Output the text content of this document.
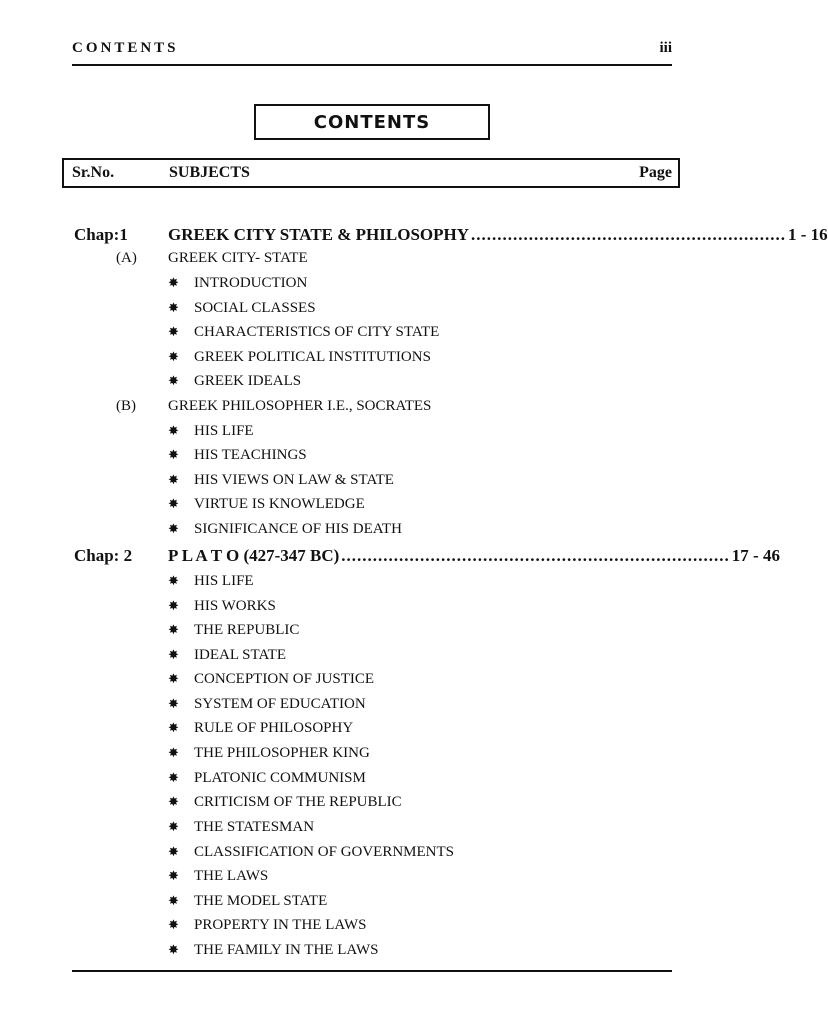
CONTENTS	iii
CONTENTS
Sr.No.	SUBJECTS	Page
Chap:1 GREEK CITY STATE & PHILOSOPHY ............................................................ 1 - 16
(A) GREEK CITY- STATE
✸	INTRODUCTION
✸	SOCIAL CLASSES
✸	CHARACTERISTICS OF CITY STATE
✸	GREEK POLITICAL INSTITUTIONS
✸	GREEK IDEALS
(B) GREEK PHILOSOPHER I.E., SOCRATES
✸	HIS LIFE
✸	HIS TEACHINGS
✸	HIS VIEWS ON LAW & STATE
✸	VIRTUE IS KNOWLEDGE
✸	SIGNIFICANCE OF HIS DEATH
Chap: 2 P L A T O (427-347 BC) .......................................................................... 17 - 46
✸	HIS LIFE
✸	HIS WORKS
✸	THE REPUBLIC
✸	IDEAL STATE
✸	CONCEPTION OF JUSTICE
✸	SYSTEM OF EDUCATION
✸	RULE OF PHILOSOPHY
✸	THE PHILOSOPHER KING
✸	PLATONIC COMMUNISM
✸	CRITICISM OF THE REPUBLIC
✸	THE STATESMAN
✸	CLASSIFICATION OF GOVERNMENTS
✸	THE LAWS
✸	THE MODEL STATE
✸	PROPERTY IN THE LAWS
✸	THE FAMILY IN THE LAWS
